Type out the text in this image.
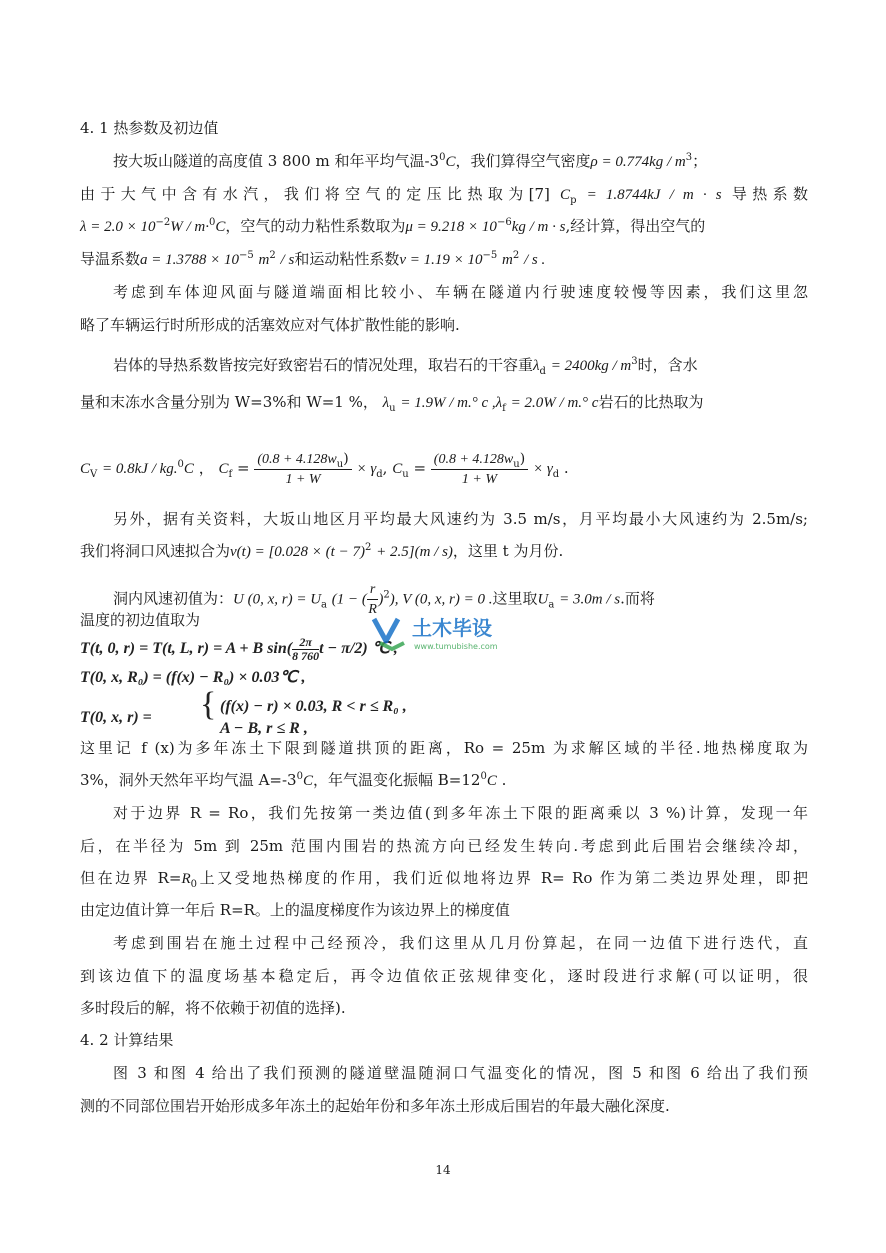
4. 1 热参数及初边值
按大坂山隧道的高度值 3 800 m 和年平均气温$-3^0C$，我们算得空气密度$\rho = 0.774kg / m^3$；
由于大气中含有水汽，我们将空气的定压比热取为[7] $C_p = 1.8744kJ / m \cdot s$ 导热系数
$\lambda = 2.0 \times 10^{-2}W / m\cdot^0C$，空气的动力粘性系数取为$\mu = 9.218 \times 10^{-6}kg / m \cdot s$,经计算，得出空气的
导温系数$a = 1.3788 \times 10^{-5}$ $m^2$ / s和运动粘性系数$\nu = 1.19 \times 10^{-5}$ $m^2$ / s .
考虑到车体迎风面与隧道端面相比较小、车辆在隧道内行驶速度较慢等因素，我们这里忽
略了车辆运行时所形成的活塞效应对气体扩散性能的影响.
岩体的导热系数皆按完好致密岩石的情况处理，取岩石的干容重$\lambda_d = 2400kg / m^3$时，含水
量和末冻水含量分别为 W=3%和 W=1 %， $\lambda_u = 1.9W / m.^\circ$ c $,\lambda_f = 2.0W / m.^\circ$ c岩石的比热取为
$C_V = 0.8kJ / kg.^0C$ ， $C_f = \frac{(0.8 + 4.128w_u)}{1 + W} \times \gamma_d$, $C_u = \frac{(0.8 + 4.128w_u)}{1 + W} \times \gamma_d$ .
另外，据有关资料，大坂山地区月平均最大风速约为 3.5 m/s，月平均最小大风速约为 2.5m/s;
我们将洞口风速拟合为$v(t) = [0.028 \times (t - 7)^2 + 2.5](m / s)$，这里 t 为月份.
洞内风速初值为：U (0, x, $r) = U_a$ (1 − ( $\frac{r}{R} )^2$), V (0, x, r) = 0 .这里取$U_a = 3.0m / s$.而将
温度的初边值取为
T(t, 0, r) = T(t, L, r) = A + B $\sin( \frac{2\pi}{8 760}$ t − π/2) ℃ ,
T(0, x, R₀) = (f(x) − R₀) × 0.03℃ ,
T(0, x, r) = { (f(x) − r) × 0.03, R < r ≤ R₀ ,
A − B, r ≤ R ,
这里记 f (x)为多年冻土下限到隧道拱顶的距离，Ro = 25m 为求解区域的半径.地热梯度取为
3%，洞外天然年平均气温 $A=-3^0C$，年气温变化振幅 $B=12^0C$ .
对于边界 R = Ro，我们先按第一类边值(到多年冻土下限的距离乘以 3 %)计算，发现一年
后，在半径为 5m 到 25m 范围内围岩的热流方向已经发生转向.考虑到此后围岩会继续冷却，
但在边界 $R=R_0$上又受地热梯度的作用，我们近似地将边界 R= Ro 作为第二类边界处理，即把
由定边值计算一年后 R=R。上的温度梯度作为该边界上的梯度值
考虑到围岩在施土过程中己经预冷，我们这里从几月份算起，在同一边值下进行迭代，直
到该边值下的温度场基本稳定后，再令边值依正弦规律变化，逐时段进行求解(可以证明，很
多时段后的解，将不依赖于初值的选择).
4. 2 计算结果
图 3 和图 4 给出了我们预测的隧道壁温随洞口气温变化的情况，图 5 和图 6 给出了我们预
测的不同部位围岩开始形成多年冻土的起始年份和多年冻土形成后围岩的年最大融化深度.
土木毕设
www.tumubishe.com
14
